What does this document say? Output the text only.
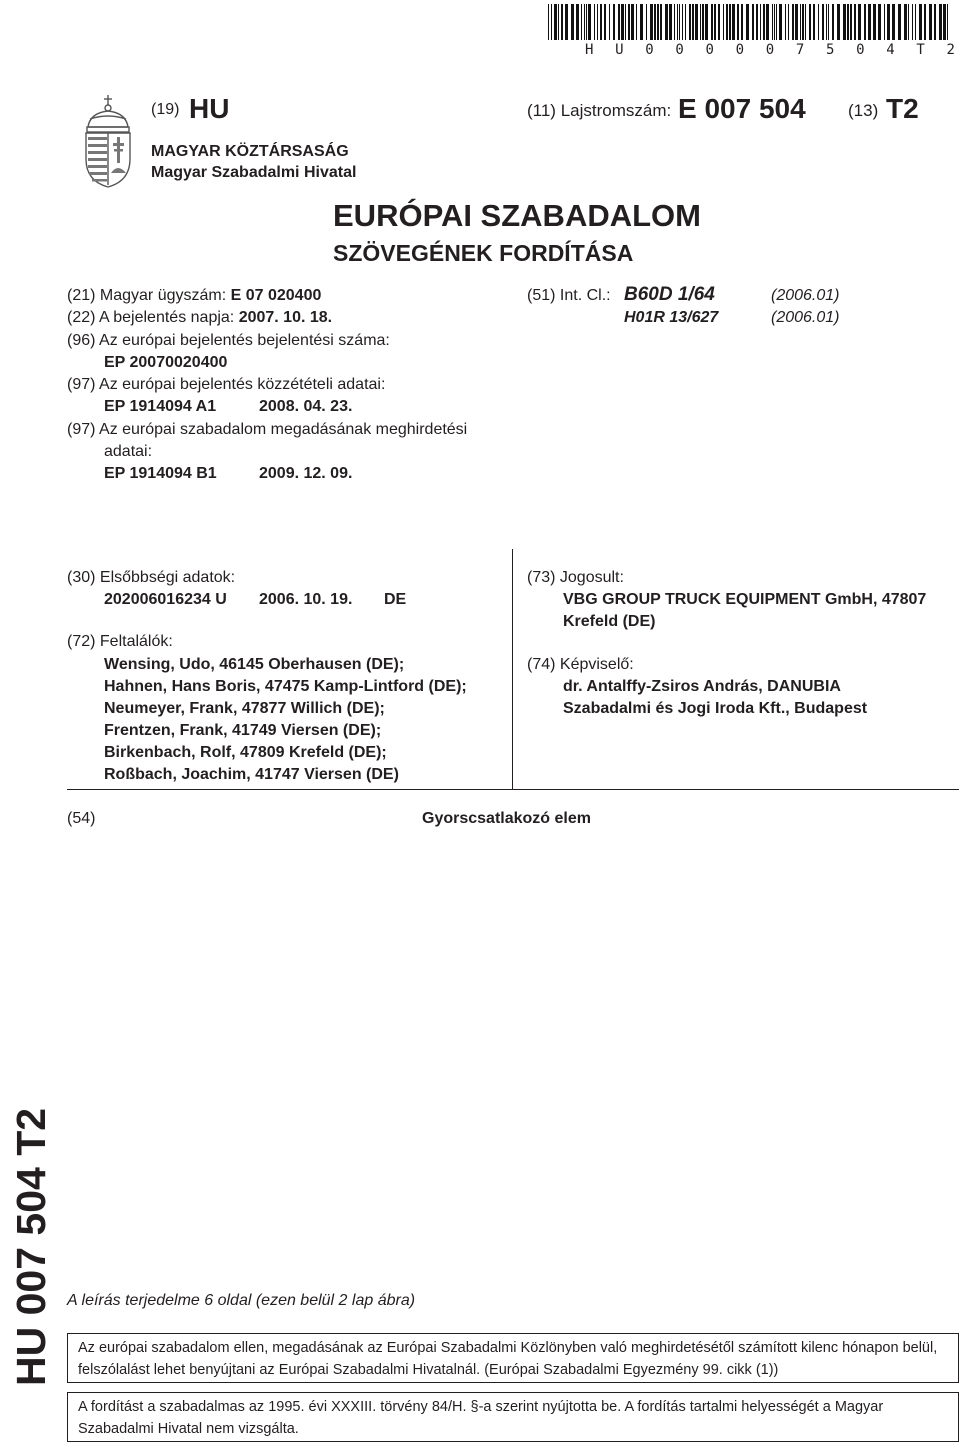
H U 0 0 0 0 0 7 5 0 4 T 2
(19) HU	(11) Lajstromszám: E 007 504 (13) T2
MAGYAR KÖZTÁRSASÁG
Magyar Szabadalmi Hivatal
EURÓPAI SZABADALOM
SZÖVEGÉNEK FORDÍTÁSA
(21) Magyar ügyszám: E 07 020400
(22) A bejelentés napja: 2007. 10. 18.
(96) Az európai bejelentés bejelentési száma:
EP 20070020400
(97) Az európai bejelentés közzétételi adatai:
EP 1914094 A1	2008. 04. 23.
(97) Az európai szabadalom megadásának meghirdetési
adatai:
EP 1914094 B1	2009. 12. 09.
(51) Int. Cl.: B60D 1/64	(2006.01)
H01R 13/627	(2006.01)
(30) Elsőbbségi adatok:
202006016234 U 2006. 10. 19. DE
(72) Feltalálók:
Wensing, Udo, 46145 Oberhausen (DE);
Hahnen, Hans Boris, 47475 Kamp-Lintford (DE);
Neumeyer, Frank, 47877 Willich (DE);
Frentzen, Frank, 41749 Viersen (DE);
Birkenbach, Rolf, 47809 Krefeld (DE);
Roßbach, Joachim, 41747 Viersen (DE)
(73) Jogosult:
VBG GROUP TRUCK EQUIPMENT GmbH, 47807
Krefeld (DE)
(74) Képviselő:
dr. Antalffy-Zsiros András, DANUBIA
Szabadalmi és Jogi Iroda Kft., Budapest
(54)	Gyorscsatlakozó elem
HU 007 504 T2 A leírás terjedelme 6 oldal (ezen belül 2 lap ábra)

Az európai szabadalom ellen, megadásának az Európai Szabadalmi Közlönyben való meghirdetésétől számított kilenc hónapon belül, felszólalást lehet benyújtani az Európai Szabadalmi Hivatalnál. (Európai Szabadalmi Egyezmény 99. cikk (1))

A fordítást a szabadalmas az 1995. évi XXXIII. törvény 84/H. §-a szerint nyújtotta be. A fordítás tartalmi helyességét a Magyar Szabadalmi Hivatal nem vizsgálta.
